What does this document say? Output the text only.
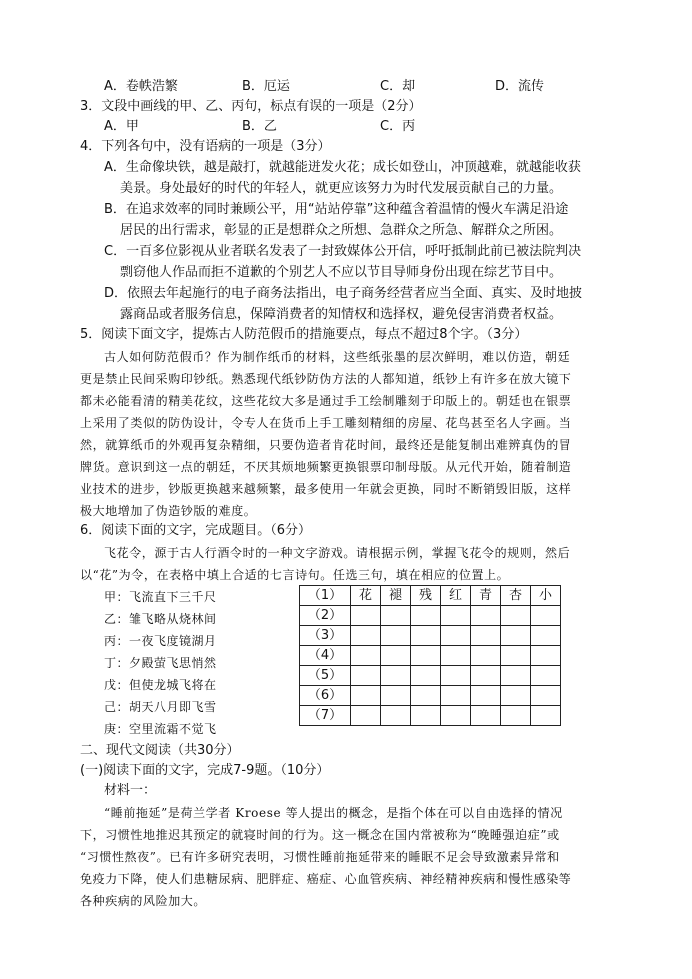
A．卷帙浩繁	B．厄运	C．却	D．流传
3．文段中画线的甲、乙、丙句，标点有误的一项是（2分）
A．甲	B．乙	C．丙
4．下列各句中，没有语病的一项是（3分）
A．生命像块铁，越是敲打，就越能迸发火花；成长如登山，冲顶越难，就越能收获
美景。身处最好的时代的年轻人，就更应该努力为时代发展贡献自己的力量。
B．在追求效率的同时兼顾公平，用“站站停靠”这种蕴含着温情的慢火车满足沿途
居民的出行需求，彰显的正是想群众之所想、急群众之所急、解群众之所困。
C．一百多位影视从业者联名发表了一封致媒体公开信，呼吁抵制此前已被法院判决
剽窃他人作品而拒不道歉的个别艺人不应以节目导师身份出现在综艺节目中。
D．依照去年起施行的电子商务法指出，电子商务经营者应当全面、真实、及时地披
露商品或者服务信息，保障消费者的知情权和选择权，避免侵害消费者权益。
5．阅读下面文字，提炼古人防范假币的措施要点，每点不超过8个字。（3分）
古人如何防范假币？作为制作纸币的材料，这些纸张墨的层次鲜明，难以仿造，朝廷
更是禁止民间采购印钞纸。熟悉现代纸钞防伪方法的人都知道，纸钞上有许多在放大镜下
都未必能看清的精美花纹，这些花纹大多是通过手工绘制雕刻于印版上的。朝廷也在银票
上采用了类似的防伪设计，令专人在货币上手工雕刻精细的房屋、花鸟甚至名人字画。当
然，就算纸币的外观再复杂精细，只要伪造者肯花时间，最终还是能复制出难辨真伪的冒
牌货。意识到这一点的朝廷，不厌其烦地频繁更换银票印制母版。从元代开始，随着制造
业技术的进步，钞版更换越来越频繁，最多使用一年就会更换，同时不断销毁旧版，这样
极大地增加了伪造钞版的难度。
6．阅读下面的文字，完成题目。（6分）
飞花令，源于古人行酒令时的一种文字游戏。请根据示例，掌握飞花令的规则，然后
以“花”为令，在表格中填上合适的七言诗句。任选三句，填在相应的位置上。
甲：飞流直下三千尺
乙：雏飞略从烧林间
丙：一夜飞度镜湖月
丁：夕殿萤飞思悄然
戊：但使龙城飞将在
己：胡天八月即飞雪
庚：空里流霜不觉飞
（1）	花	褪	残	红	青	杏	小
（2）							
（3）							
（4）							
（5）							
（6）							
（7）							
二、现代文阅读（共30分）
(一)阅读下面的文字，完成7-9题。（10分）
材料一：
“睡前拖延”是荷兰学者 Kroese 等人提出的概念，是指个体在可以自由选择的情况
下，习惯性地推迟其预定的就寝时间的行为。这一概念在国内常被称为“晚睡强迫症”或
“习惯性熬夜”。已有许多研究表明，习惯性睡前拖延带来的睡眠不足会导致激素异常和
免疫力下降，使人们患糖尿病、肥胖症、癌症、心血管疾病、神经精神疾病和慢性感染等
各种疾病的风险加大。
